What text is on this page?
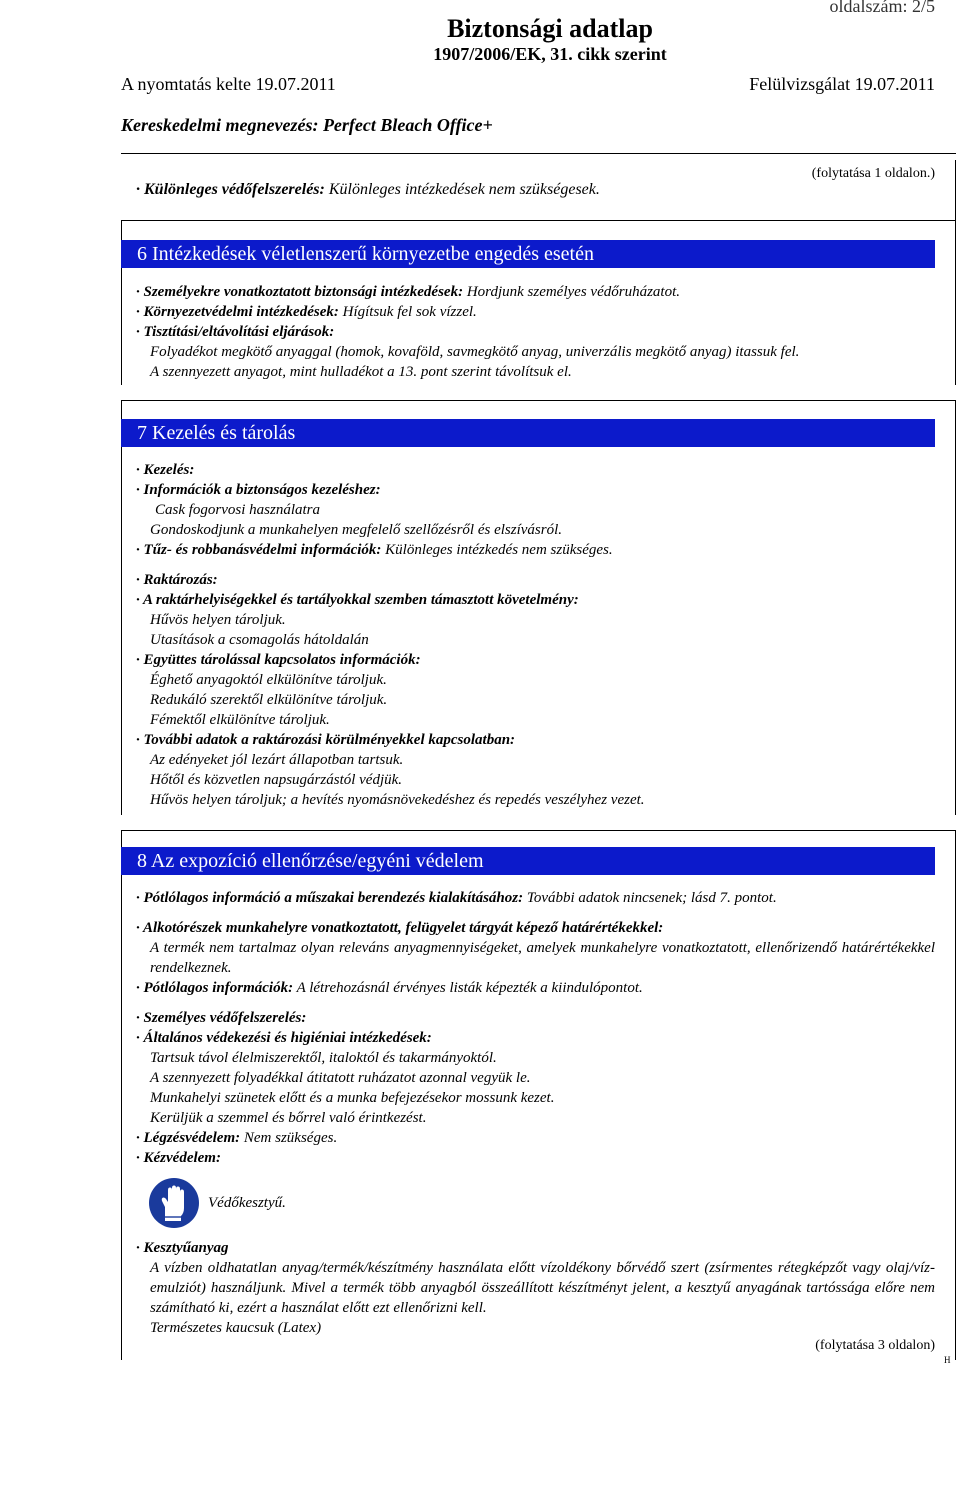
oldalszám: 2/5
Biztonsági adatlap
1907/2006/EK, 31. cikk szerint
A nyomtatás kelte 19.07.2011	Felülvizsgálat 19.07.2011
Kereskedelmi megnevezés: Perfect Bleach Office+
(folytatása 1 oldalon.)
· Különleges védőfelszerelés: Különleges intézkedések nem szükségesek.
6 Intézkedések véletlenszerű környezetbe engedés esetén
· Személyekre vonatkoztatott biztonsági intézkedések: Hordjunk személyes védőruházatot.
· Környezetvédelmi intézkedések: Hígítsuk fel sok vízzel.
· Tisztítási/eltávolítási eljárások:
Folyadékot megkötő anyaggal (homok, kovaföld, savmegkötő anyag, univerzális megkötő anyag) itassuk fel.
A szennyezett anyagot, mint hulladékot a 13. pont szerint távolítsuk el.
7 Kezelés és tárolás
· Kezelés:
· Információk a biztonságos kezeléshez:
Cask fogorvosi használatra
Gondoskodjunk a munkahelyen megfelelő szellőzésről és elszívásról.
· Tűz- és robbanásvédelmi információk: Különleges intézkedés nem szükséges.
· Raktározás:
· A raktárhelyiségekkel és tartályokkal szemben támasztott követelmény:
Hűvös helyen tároljuk.
Utasítások a csomagolás hátoldalán
· Együttes tárolással kapcsolatos információk:
Éghető anyagoktól elkülönítve tároljuk.
Redukáló szerektől elkülönítve tároljuk.
Fémektől elkülönítve tároljuk.
· További adatok a raktározási körülményekkel kapcsolatban:
Az edényeket jól lezárt állapotban tartsuk.
Hőtől és közvetlen napsugárzástól védjük.
Hűvös helyen tároljuk; a hevítés nyomásnövekedéshez és repedés veszélyhez vezet.
8 Az expozíció ellenőrzése/egyéni védelem
· Pótlólagos információ a műszakai berendezés kialakításához: További adatok nincsenek; lásd 7. pontot.
· Alkotórészek munkahelyre vonatkoztatott, felügyelet tárgyát képező határértékekkel:
A termék nem tartalmaz olyan releváns anyagmennyiségeket, amelyek munkahelyre vonatkoztatott, ellenőrizendő határértékekkel rendelkeznek.
· Pótlólagos információk: A létrehozásnál érvényes listák képezték a kiindulópontot.
· Személyes védőfelszerelés:
· Általános védekezési és higiéniai intézkedések:
Tartsuk távol élelmiszerektől, italoktól és takarmányoktól.
A szennyezett folyadékkal átitatott ruházatot azonnal vegyük le.
Munkahelyi szünetek előtt és a munka befejezésekor mossunk kezet.
Kerüljük a szemmel és bőrrel való érintkezést.
· Légzésvédelem: Nem szükséges.
· Kézvédelem:
Védőkesztyű.
· Kesztyűanyag
A vízben oldhatatlan anyag/termék/készítmény használata előtt vízoldékony bőrvédő szert (zsírmentes rétegképzőt vagy olaj/víz-emulziót) használjunk. Mivel a termék több anyagból összeállított készítményt jelent, a kesztyű anyagának tartóssága előre nem számítható ki, ezért a használat előtt ezt ellenőrizni kell.
Természetes kaucsuk (Latex)
(folytatása 3 oldalon)
H
